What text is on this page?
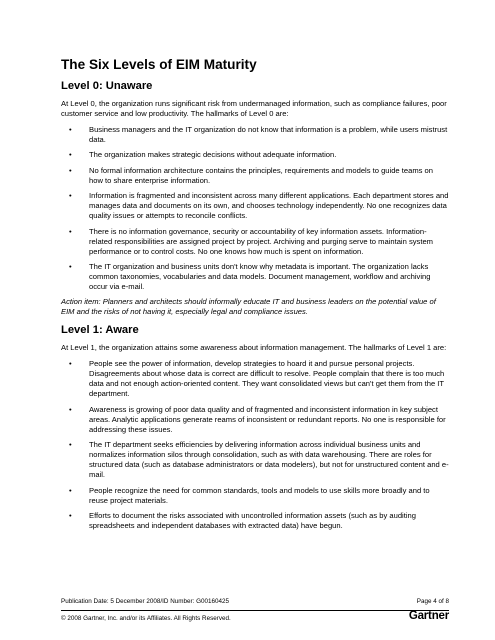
The Six Levels of EIM Maturity
Level 0: Unaware

At Level 0, the organization runs significant risk from undermanaged information, such as compliance failures, poor customer service and low productivity. The hallmarks of Level 0 are:

• Business managers and the IT organization do not know that information is a problem, while users mistrust data.
• The organization makes strategic decisions without adequate information.
• No formal information architecture contains the principles, requirements and models to guide teams on how to share enterprise information.
• Information is fragmented and inconsistent across many different applications. Each department stores and manages data and documents on its own, and chooses technology independently. No one recognizes data quality issues or attempts to reconcile conflicts.
• There is no information governance, security or accountability of key information assets. Information-related responsibilities are assigned project by project. Archiving and purging serve to maintain system performance or to control costs. No one knows how much is spent on information.
• The IT organization and business units don't know why metadata is important. The organization lacks common taxonomies, vocabularies and data models. Document management, workflow and archiving occur via e-mail.

Action item: Planners and architects should informally educate IT and business leaders on the potential value of EIM and the risks of not having it, especially legal and compliance issues.

Level 1: Aware

At Level 1, the organization attains some awareness about information management. The hallmarks of Level 1 are:

• People see the power of information, develop strategies to hoard it and pursue personal projects. Disagreements about whose data is correct are difficult to resolve. People complain that there is too much data and not enough action-oriented content. They want consolidated views but can't get them from the IT department.
• Awareness is growing of poor data quality and of fragmented and inconsistent information in key subject areas. Analytic applications generate reams of inconsistent or redundant reports. No one is responsible for addressing these issues.
• The IT department seeks efficiencies by delivering information across individual business units and normalizes information silos through consolidation, such as with data warehousing. There are roles for structured data (such as database administrators or data modelers), but not for unstructured content and e-mail.
• People recognize the need for common standards, tools and models to use skills more broadly and to reuse project materials.
• Efforts to document the risks associated with uncontrolled information assets (such as by auditing spreadsheets and independent databases with extracted data) have begun.
Publication Date: 5 December 2008/ID Number: G00160425	Page 4 of 8
© 2008 Gartner, Inc. and/or its Affiliates. All Rights Reserved.	Gartner
